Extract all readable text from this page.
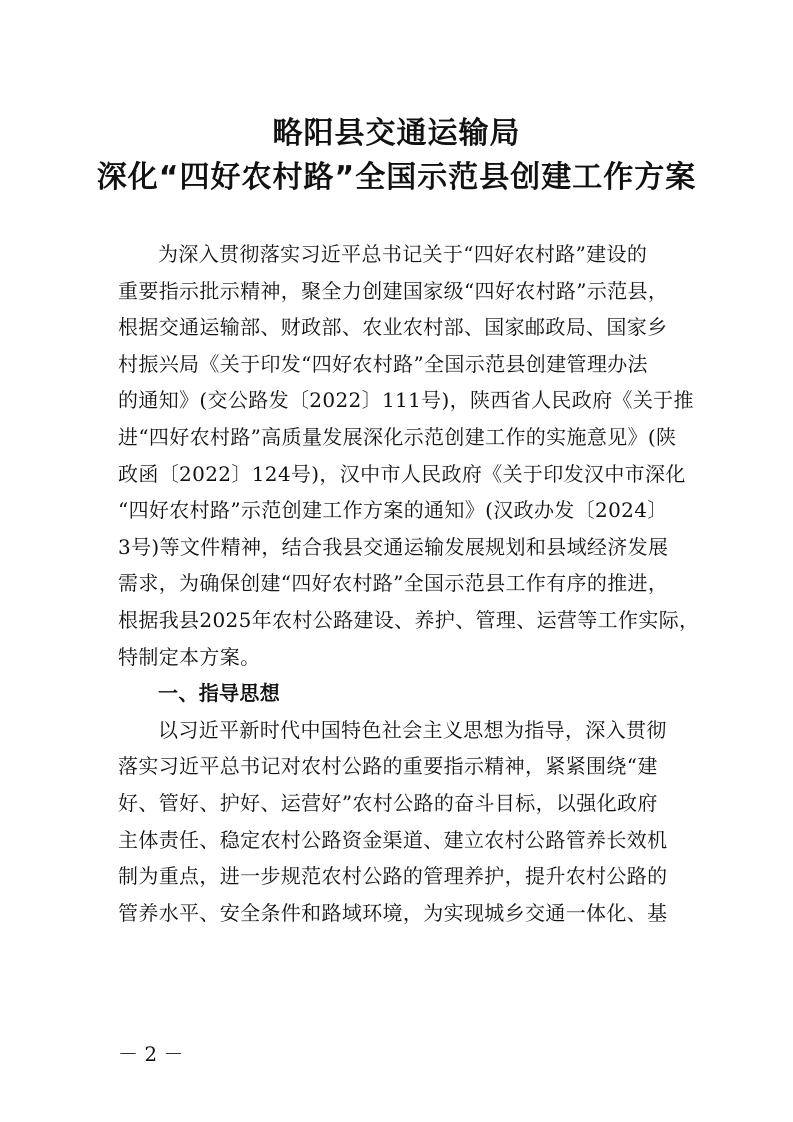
略阳县交通运输局
深化“四好农村路”全国示范县创建工作方案
为深入贯彻落实习近平总书记关于“四好农村路”建设的
重要指示批示精神，聚全力创建国家级“四好农村路”示范县，
根据交通运输部、财政部、农业农村部、国家邮政局、国家乡
村振兴局《关于印发“四好农村路”全国示范县创建管理办法
的通知》(交公路发〔2022〕111号)，陕西省人民政府《关于推
进“四好农村路”高质量发展深化示范创建工作的实施意见》(陕
政函〔2022〕124号)，汉中市人民政府《关于印发汉中市深化
“四好农村路”示范创建工作方案的通知》(汉政办发〔2024〕
3号)等文件精神，结合我县交通运输发展规划和县域经济发展
需求，为确保创建“四好农村路”全国示范县工作有序的推进，
根据我县2025年农村公路建设、养护、管理、运营等工作实际，
特制定本方案。
一、指导思想
以习近平新时代中国特色社会主义思想为指导，深入贯彻
落实习近平总书记对农村公路的重要指示精神，紧紧围绕“建
好、管好、护好、运营好”农村公路的奋斗目标，以强化政府
主体责任、稳定农村公路资金渠道、建立农村公路管养长效机
制为重点，进一步规范农村公路的管理养护，提升农村公路的
管养水平、安全条件和路域环境，为实现城乡交通一体化、基
－ 2 －
